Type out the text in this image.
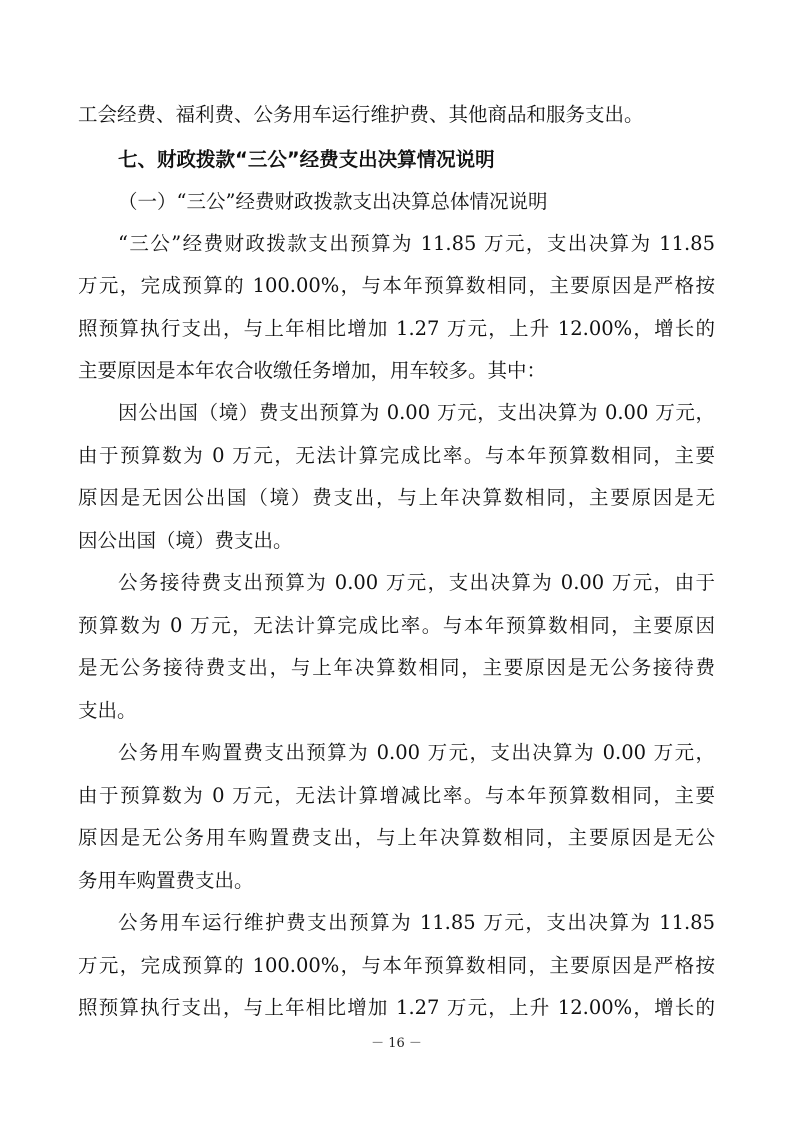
工会经费、福利费、公务用车运行维护费、其他商品和服务支出。
七、财政拨款“三公”经费支出决算情况说明
（一）“三公”经费财政拨款支出决算总体情况说明
“三公”经费财政拨款支出预算为 11.85 万元，支出决算为 11.85
万元，完成预算的 100.00%，与本年预算数相同，主要原因是严格按
照预算执行支出，与上年相比增加 1.27 万元，上升 12.00%，增长的
主要原因是本年农合收缴任务增加，用车较多。其中：
因公出国（境）费支出预算为 0.00 万元，支出决算为 0.00 万元，
由于预算数为 0 万元，无法计算完成比率。与本年预算数相同，主要
原因是无因公出国（境）费支出，与上年决算数相同，主要原因是无
因公出国（境）费支出。
公务接待费支出预算为 0.00 万元，支出决算为 0.00 万元，由于
预算数为 0 万元，无法计算完成比率。与本年预算数相同，主要原因
是无公务接待费支出，与上年决算数相同，主要原因是无公务接待费
支出。
公务用车购置费支出预算为 0.00 万元，支出决算为 0.00 万元，
由于预算数为 0 万元，无法计算增减比率。与本年预算数相同，主要
原因是无公务用车购置费支出，与上年决算数相同，主要原因是无公
务用车购置费支出。
公务用车运行维护费支出预算为 11.85 万元，支出决算为 11.85
万元，完成预算的 100.00%，与本年预算数相同，主要原因是严格按
照预算执行支出，与上年相比增加 1.27 万元，上升 12.00%，增长的
－ 16 －
